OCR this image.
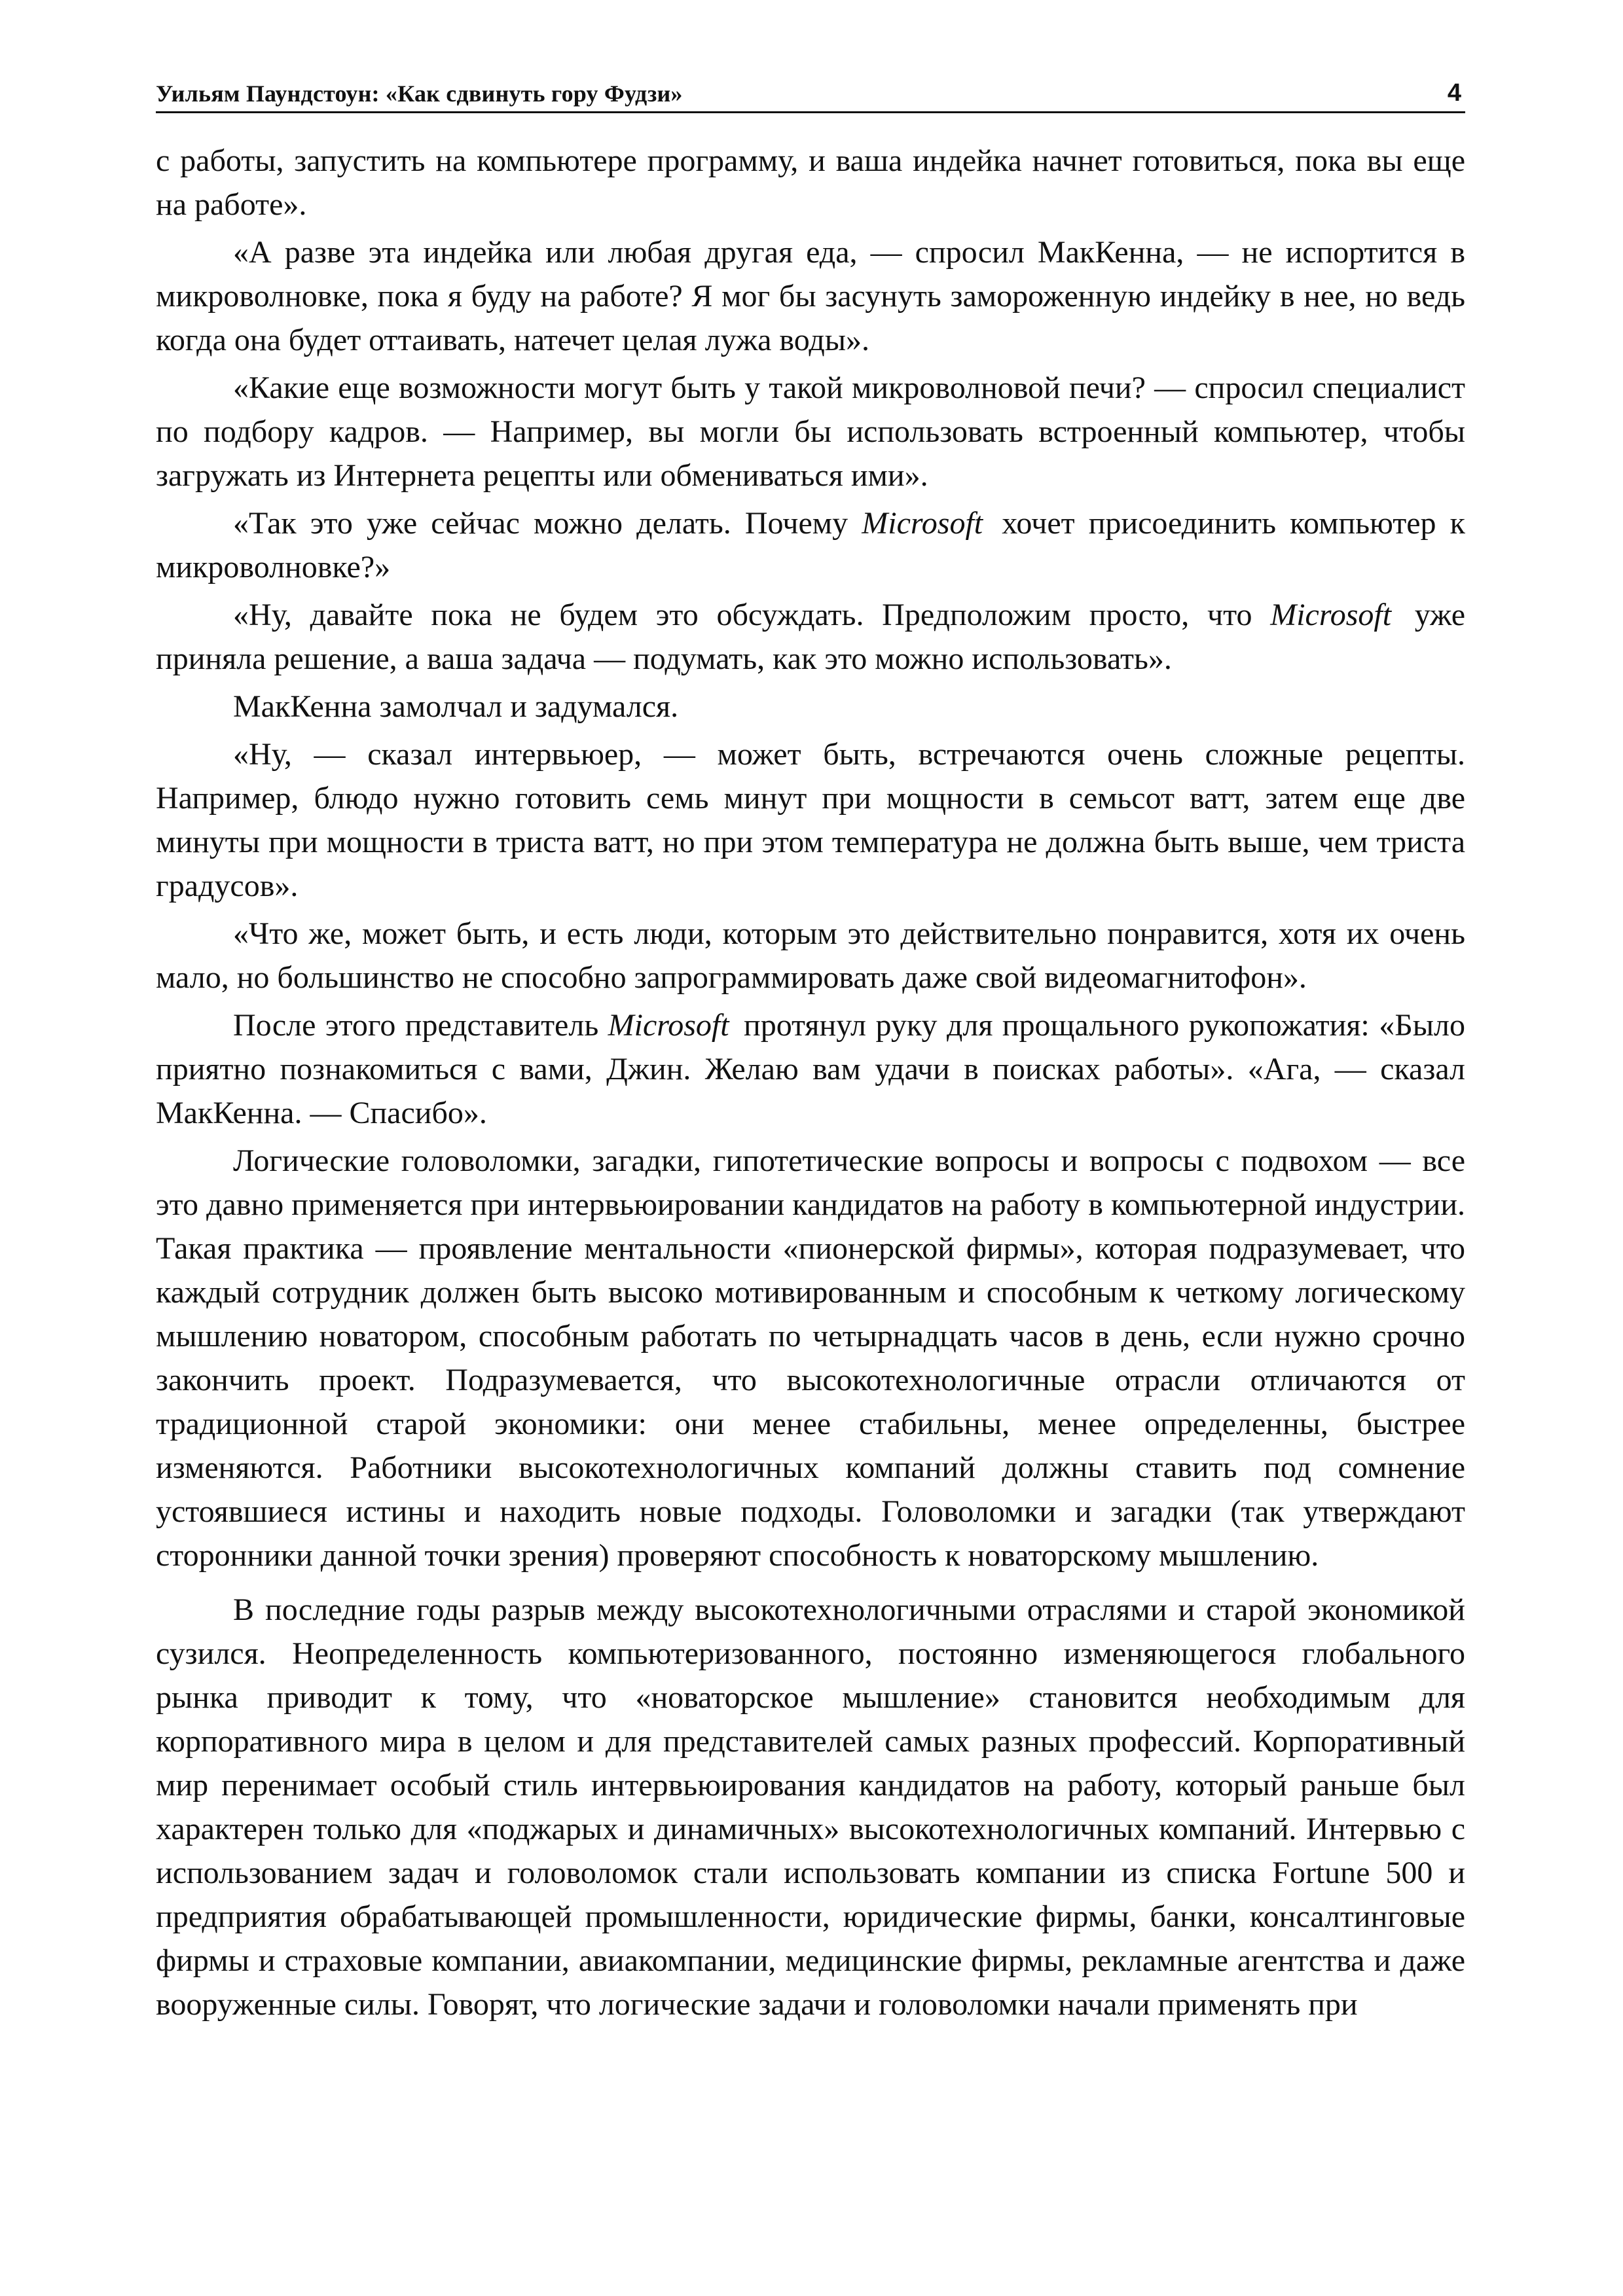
Уильям Паундстоун: «Как сдвинуть гору Фудзи»	4

с работы, запустить на компьютере программу, и ваша индейка начнет готовиться, пока вы еще на работе».

«А разве эта индейка или любая другая еда, — спросил МакКенна, — не испортится в микроволновке, пока я буду на работе? Я мог бы засунуть замороженную индейку в нее, но ведь когда она будет оттаивать, натечет целая лужа воды».

«Какие еще возможности могут быть у такой микроволновой печи? — спросил специалист по подбору кадров. — Например, вы могли бы использовать встроенный компьютер, чтобы загружать из Интернета рецепты или обмениваться ими».

«Так это уже сейчас можно делать. Почему Microsoft хочет присоединить компьютер к микроволновке?»

«Ну, давайте пока не будем это обсуждать. Предположим просто, что Microsoft уже приняла решение, а ваша задача — подумать, как это можно использовать».

МакКенна замолчал и задумался.

«Ну, — сказал интервьюер, — может быть, встречаются очень сложные рецепты. Например, блюдо нужно готовить семь минут при мощности в семьсот ватт, затем еще две минуты при мощности в триста ватт, но при этом температура не должна быть выше, чем триста градусов».

«Что же, может быть, и есть люди, которым это действительно понравится, хотя их очень мало, но большинство не способно запрограммировать даже свой видеомагнитофон».

После этого представитель Microsoft протянул руку для прощального рукопожатия: «Было приятно познакомиться с вами, Джин. Желаю вам удачи в поисках работы». «Ага, — сказал МакКенна. — Спасибо».

Логические головоломки, загадки, гипотетические вопросы и вопросы с подвохом — все это давно применяется при интервьюировании кандидатов на работу в компьютерной индустрии. Такая практика — проявление ментальности «пионерской фирмы», которая подразумевает, что каждый сотрудник должен быть высоко мотивированным и способным к четкому логическому мышлению новатором, способным работать по четырнадцать часов в день, если нужно срочно закончить проект. Подразумевается, что высокотехнологичные отрасли отличаются от традиционной старой экономики: они менее стабильны, менее определенны, быстрее изменяются. Работники высокотехнологичных компаний должны ставить под сомнение устоявшиеся истины и находить новые подходы. Головоломки и загадки (так утверждают сторонники данной точки зрения) проверяют способность к новаторскому мышлению.

В последние годы разрыв между высокотехнологичными отраслями и старой экономикой сузился. Неопределенность компьютеризованного, постоянно изменяющегося глобального рынка приводит к тому, что «новаторское мышление» становится необходимым для корпоративного мира в целом и для представителей самых разных профессий. Корпоративный мир перенимает особый стиль интервьюирования кандидатов на работу, который раньше был характерен только для «поджарых и динамичных» высокотехнологичных компаний. Интервью с использованием задач и головоломок стали использовать компании из списка Fortune 500 и предприятия обрабатывающей промышленности, юридические фирмы, банки, консалтинговые фирмы и страховые компании, авиакомпании, медицинские фирмы, рекламные агентства и даже вооруженные силы. Говорят, что логические задачи и головоломки начали применять при
